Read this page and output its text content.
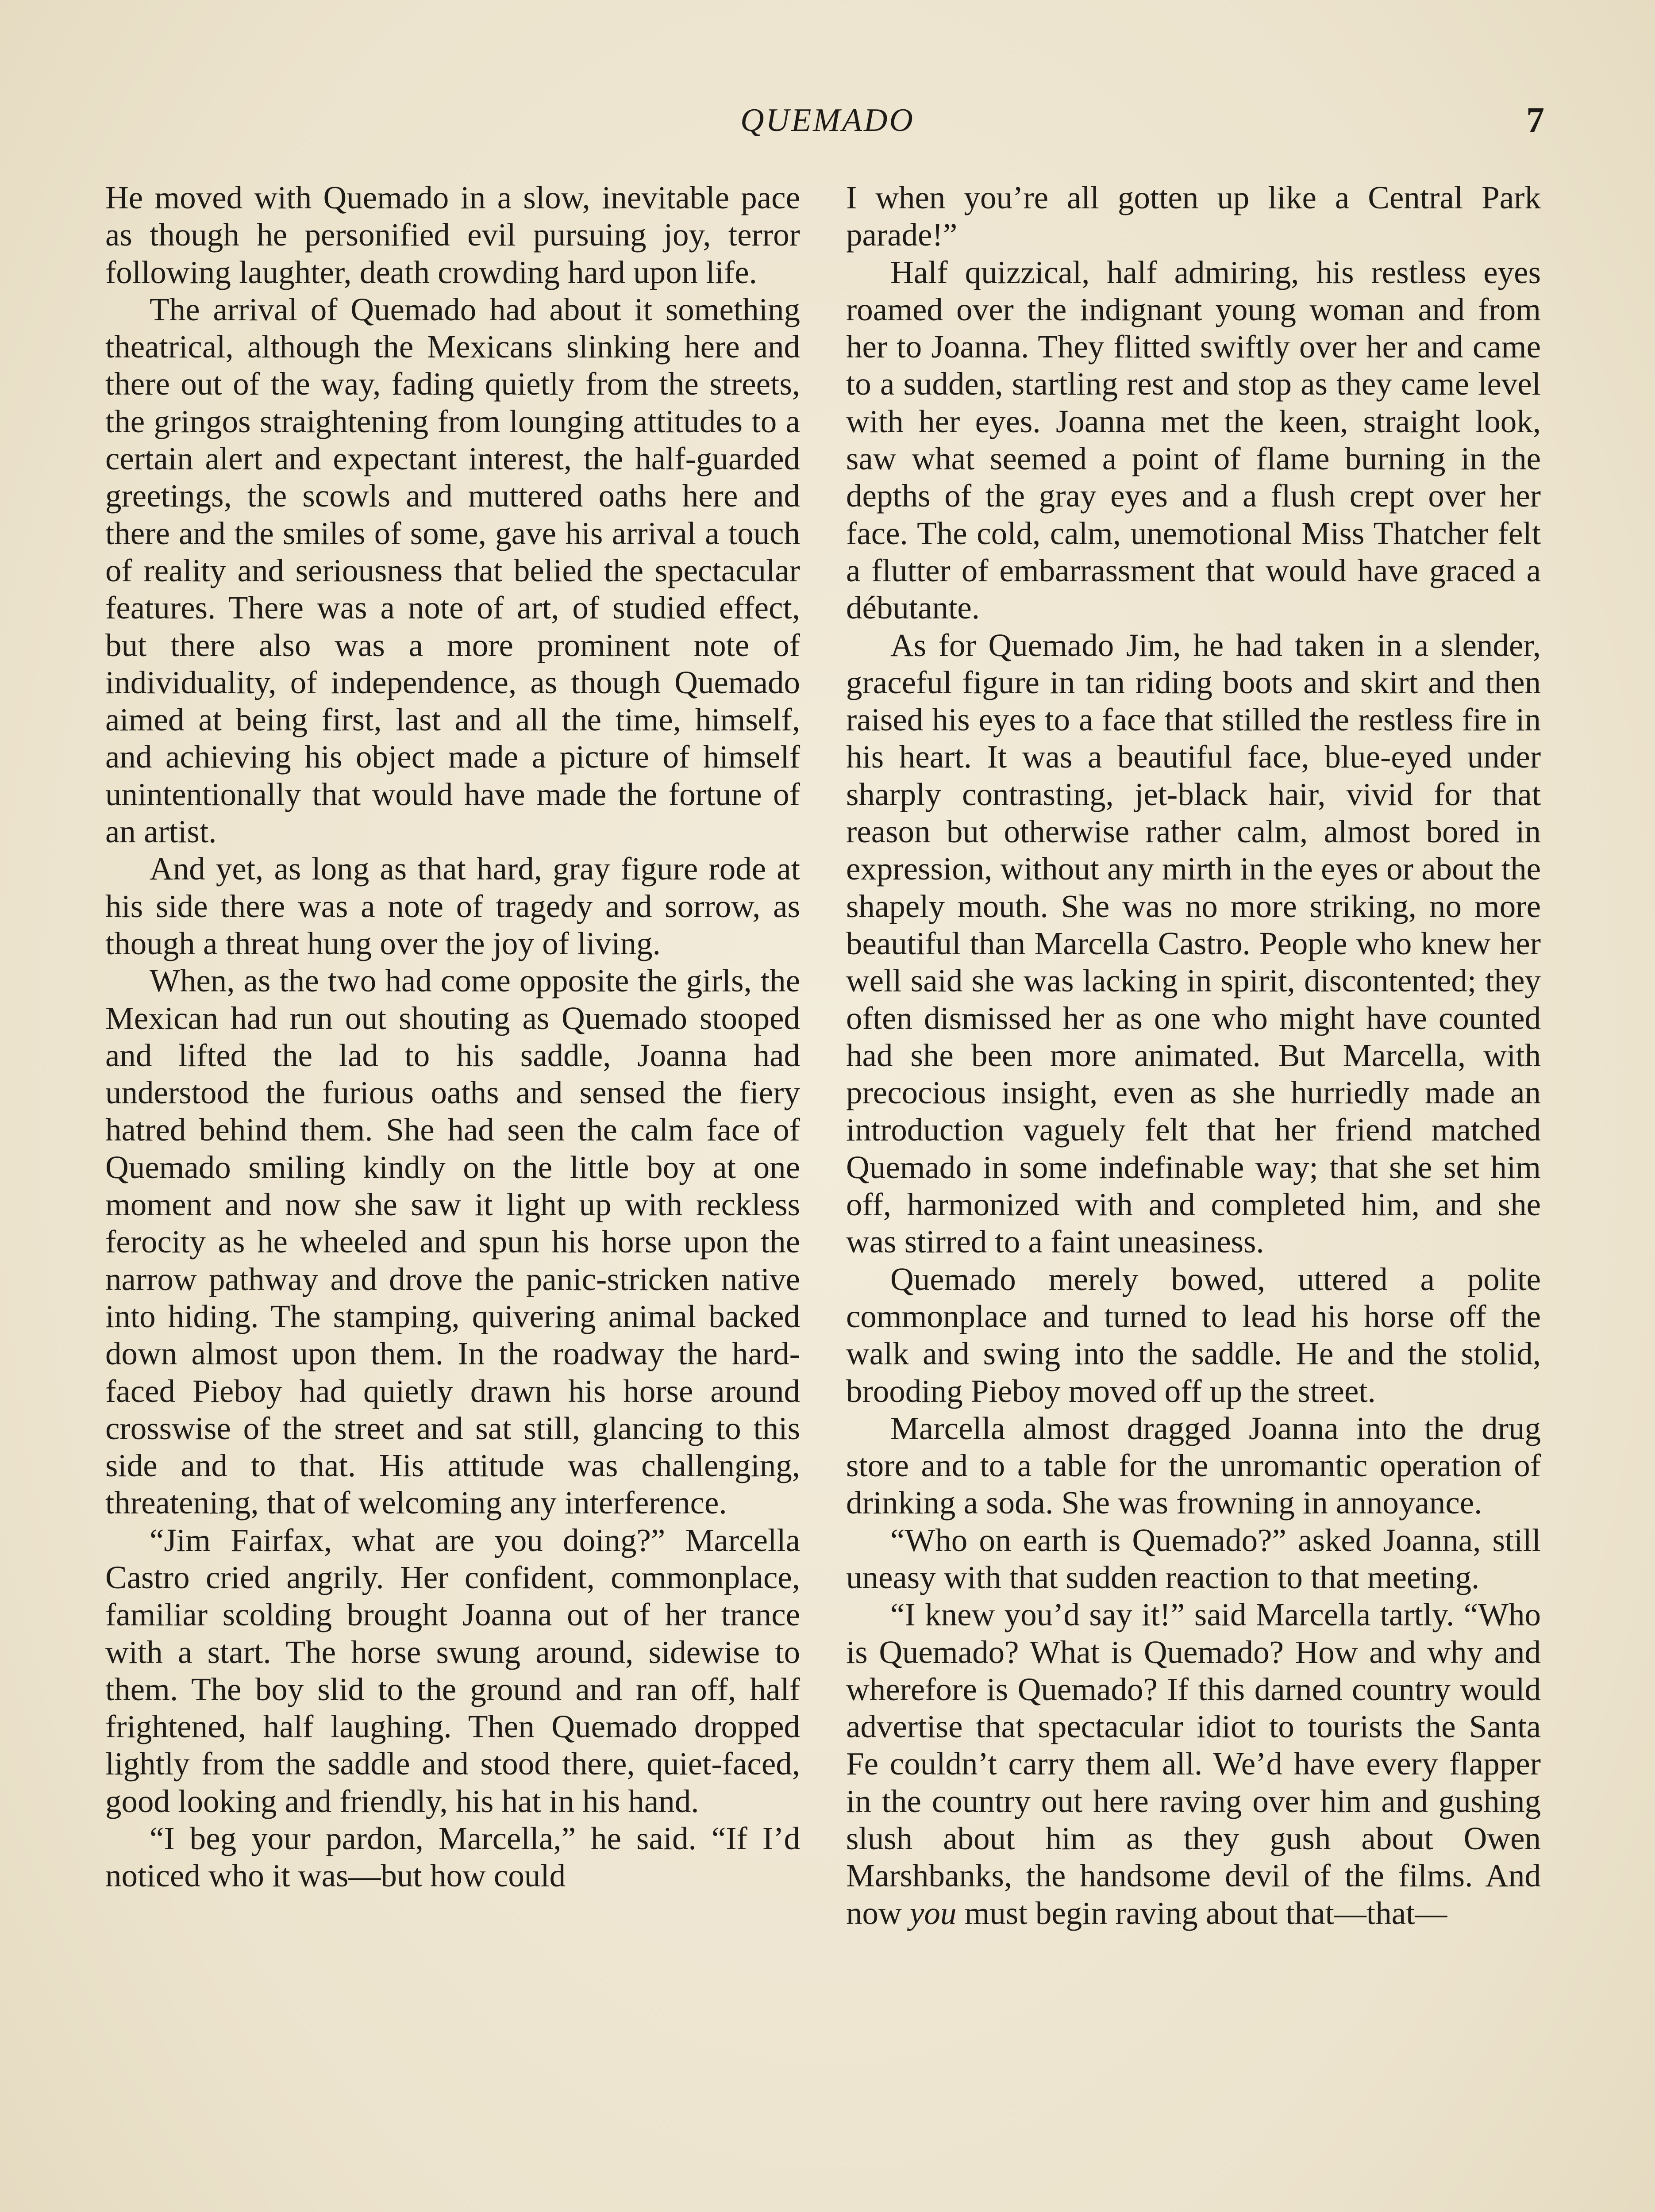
QUEMADO	7

He moved with Quemado in a slow, inevitable pace as though he personified evil pursuing joy, terror following laughter, death crowding hard upon life.

The arrival of Quemado had about it something theatrical, although the Mexicans slinking here and there out of the way, fading quietly from the streets, the gringos straightening from lounging attitudes to a certain alert and expectant interest, the half-guarded greetings, the scowls and muttered oaths here and there and the smiles of some, gave his arrival a touch of reality and seriousness that belied the spectacular features. There was a note of art, of studied effect, but there also was a more prominent note of individuality, of independence, as though Quemado aimed at being first, last and all the time, himself, and achieving his object made a picture of himself unintentionally that would have made the fortune of an artist.

And yet, as long as that hard, gray figure rode at his side there was a note of tragedy and sorrow, as though a threat hung over the joy of living.

When, as the two had come opposite the girls, the Mexican had run out shouting as Quemado stooped and lifted the lad to his saddle, Joanna had understood the furious oaths and sensed the fiery hatred behind them. She had seen the calm face of Quemado smiling kindly on the little boy at one moment and now she saw it light up with reckless ferocity as he wheeled and spun his horse upon the narrow pathway and drove the panic-stricken native into hiding. The stamping, quivering animal backed down almost upon them. In the roadway the hard-faced Pieboy had quietly drawn his horse around crosswise of the street and sat still, glancing to this side and to that. His attitude was challenging, threatening, that of welcoming any interference.

“Jim Fairfax, what are you doing?” Marcella Castro cried angrily. Her confident, commonplace, familiar scolding brought Joanna out of her trance with a start. The horse swung around, sidewise to them. The boy slid to the ground and ran off, half frightened, half laughing. Then Quemado dropped lightly from the saddle and stood there, quiet-faced, good looking and friendly, his hat in his hand.

“I beg your pardon, Marcella,” he said. “If I’d noticed who it was—but how could

I when you’re all gotten up like a Central Park parade!”

Half quizzical, half admiring, his restless eyes roamed over the indignant young woman and from her to Joanna. They flitted swiftly over her and came to a sudden, startling rest and stop as they came level with her eyes. Joanna met the keen, straight look, saw what seemed a point of flame burning in the depths of the gray eyes and a flush crept over her face. The cold, calm, unemotional Miss Thatcher felt a flutter of embarrassment that would have graced a débutante.

As for Quemado Jim, he had taken in a slender, graceful figure in tan riding boots and skirt and then raised his eyes to a face that stilled the restless fire in his heart. It was a beautiful face, blue-eyed under sharply contrasting, jet-black hair, vivid for that reason but otherwise rather calm, almost bored in expression, without any mirth in the eyes or about the shapely mouth. She was no more striking, no more beautiful than Marcella Castro. People who knew her well said she was lacking in spirit, discontented; they often dismissed her as one who might have counted had she been more animated. But Marcella, with precocious insight, even as she hurriedly made an introduction vaguely felt that her friend matched Quemado in some indefinable way; that she set him off, harmonized with and completed him, and she was stirred to a faint uneasiness.

Quemado merely bowed, uttered a polite commonplace and turned to lead his horse off the walk and swing into the saddle. He and the stolid, brooding Pieboy moved off up the street.

Marcella almost dragged Joanna into the drug store and to a table for the unromantic operation of drinking a soda. She was frowning in annoyance.

“Who on earth is Quemado?” asked Joanna, still uneasy with that sudden reaction to that meeting.

“I knew you’d say it!” said Marcella tartly. “Who is Quemado? What is Quemado? How and why and wherefore is Quemado? If this darned country would advertise that spectacular idiot to tourists the Santa Fe couldn’t carry them all. We’d have every flapper in the country out here raving over him and gushing slush about him as they gush about Owen Marshbanks, the handsome devil of the films. And now you must begin raving about that—that—
